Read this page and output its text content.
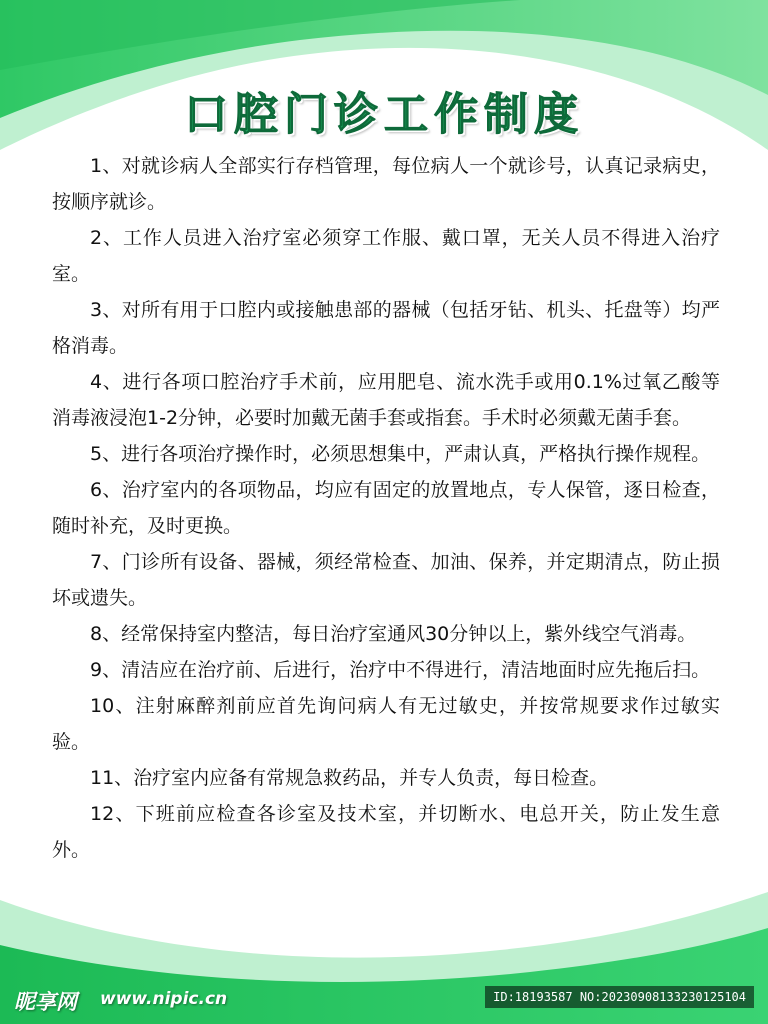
口腔门诊工作制度

1、对就诊病人全部实行存档管理，每位病人一个就诊号，认真记录病史，按顺序就诊。

2、工作人员进入治疗室必须穿工作服、戴口罩，无关人员不得进入治疗室。

3、对所有用于口腔内或接触患部的器械（包括牙钻、机头、托盘等）均严格消毒。

4、进行各项口腔治疗手术前，应用肥皂、流水洗手或用0.1%过氧乙酸等消毒液浸泡1-2分钟，必要时加戴无菌手套或指套。手术时必须戴无菌手套。

5、进行各项治疗操作时，必须思想集中，严肃认真，严格执行操作规程。

6、治疗室内的各项物品，均应有固定的放置地点，专人保管，逐日检查，随时补充，及时更换。

7、门诊所有设备、器械，须经常检查、加油、保养，并定期清点，防止损坏或遗失。

8、经常保持室内整洁，每日治疗室通风30分钟以上，紫外线空气消毒。

9、清洁应在治疗前、后进行，治疗中不得进行，清洁地面时应先拖后扫。

10、注射麻醉剂前应首先询问病人有无过敏史，并按常规要求作过敏实验。

11、治疗室内应备有常规急救药品，并专人负责，每日检查。

12、下班前应检查各诊室及技术室，并切断水、电总开关，防止发生意外。

昵享网 www.nipic.cn	ID:18193587 NO:20230908133230125104
